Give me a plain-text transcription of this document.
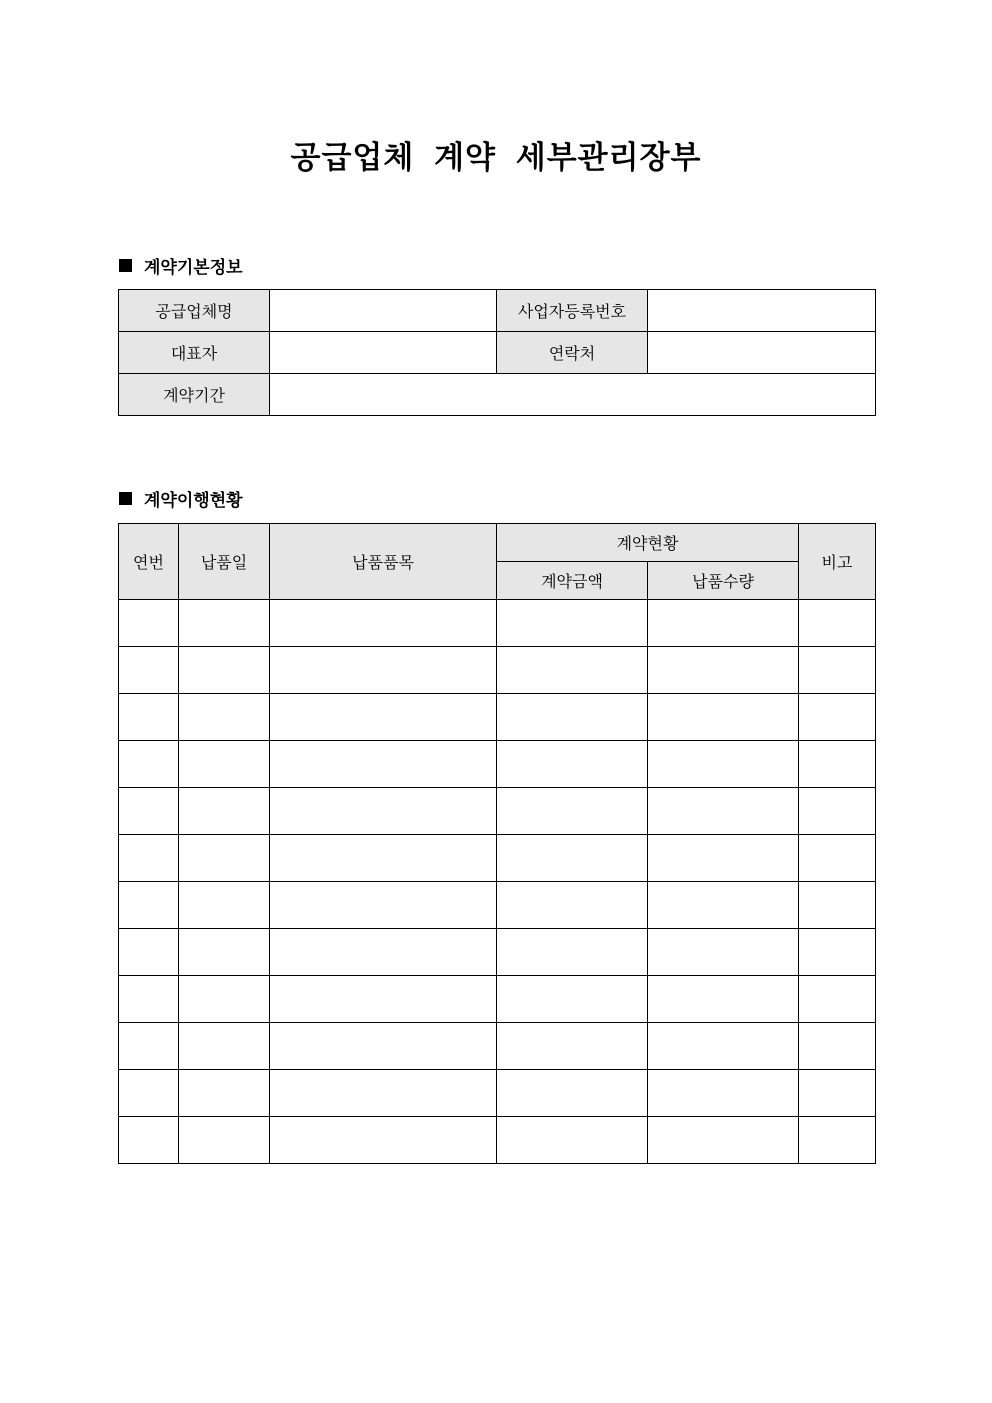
공급업체 계약 세부관리장부
계약기본정보
공급업체명		사업자등록번호	
대표자		연락처	
계약기간			
계약이행현황
연번	납품일	납품품목	계약현황		비고
			계약금액	납품수량	
